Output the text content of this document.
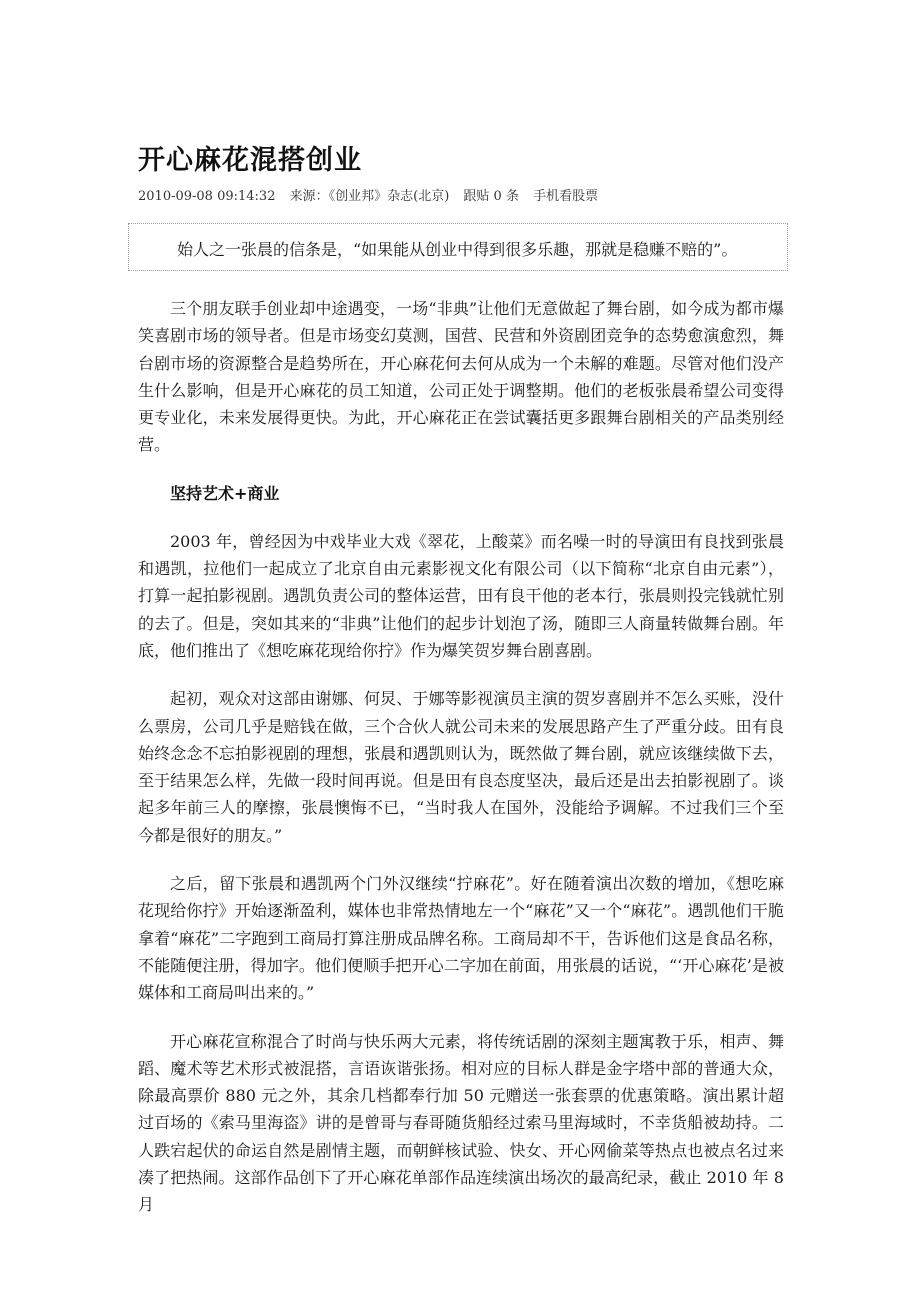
开心麻花混搭创业
2010-09-08 09:14:32 来源：《创业邦》杂志(北京) 跟贴 0 条 手机看股票
始人之一张晨的信条是，“如果能从创业中得到很多乐趣，那就是稳赚不赔的”。

三个朋友联手创业却中途遇变，一场“非典”让他们无意做起了舞台剧，如今成为都市爆笑喜剧市场的领导者。但是市场变幻莫测，国营、民营和外资剧团竞争的态势愈演愈烈，舞台剧市场的资源整合是趋势所在，开心麻花何去何从成为一个未解的难题。尽管对他们没产生什么影响，但是开心麻花的员工知道，公司正处于调整期。他们的老板张晨希望公司变得更专业化，未来发展得更快。为此，开心麻花正在尝试囊括更多跟舞台剧相关的产品类别经营。

坚持艺术+商业

2003 年，曾经因为中戏毕业大戏《翠花，上酸菜》而名噪一时的导演田有良找到张晨和遇凯，拉他们一起成立了北京自由元素影视文化有限公司（以下简称“北京自由元素”），打算一起拍影视剧。遇凯负责公司的整体运营，田有良干他的老本行，张晨则投完钱就忙别的去了。但是，突如其来的“非典”让他们的起步计划泡了汤，随即三人商量转做舞台剧。年底，他们推出了《想吃麻花现给你拧》作为爆笑贺岁舞台剧喜剧。

起初，观众对这部由谢娜、何炅、于娜等影视演员主演的贺岁喜剧并不怎么买账，没什么票房，公司几乎是赔钱在做，三个合伙人就公司未来的发展思路产生了严重分歧。田有良始终念念不忘拍影视剧的理想，张晨和遇凯则认为，既然做了舞台剧，就应该继续做下去，至于结果怎么样，先做一段时间再说。但是田有良态度坚决，最后还是出去拍影视剧了。谈起多年前三人的摩擦，张晨懊悔不已，“当时我人在国外，没能给予调解。不过我们三个至今都是很好的朋友。”

之后，留下张晨和遇凯两个门外汉继续“拧麻花”。好在随着演出次数的增加，《想吃麻花现给你拧》开始逐渐盈利，媒体也非常热情地左一个“麻花”又一个“麻花”。遇凯他们干脆拿着“麻花”二字跑到工商局打算注册成品牌名称。工商局却不干，告诉他们这是食品名称，不能随便注册，得加字。他们便顺手把开心二字加在前面，用张晨的话说，“‘开心麻花’是被媒体和工商局叫出来的。”

开心麻花宣称混合了时尚与快乐两大元素，将传统话剧的深刻主题寓教于乐，相声、舞蹈、魔术等艺术形式被混搭，言语诙谐张扬。相对应的目标人群是金字塔中部的普通大众，除最高票价 880 元之外，其余几档都奉行加 50 元赠送一张套票的优惠策略。演出累计超过百场的《索马里海盗》讲的是曾哥与春哥随货船经过索马里海域时，不幸货船被劫持。二人跌宕起伏的命运自然是剧情主题，而朝鲜核试验、快女、开心网偷菜等热点也被点名过来凑了把热闹。这部作品创下了开心麻花单部作品连续演出场次的最高纪录，截止 2010 年 8 月
